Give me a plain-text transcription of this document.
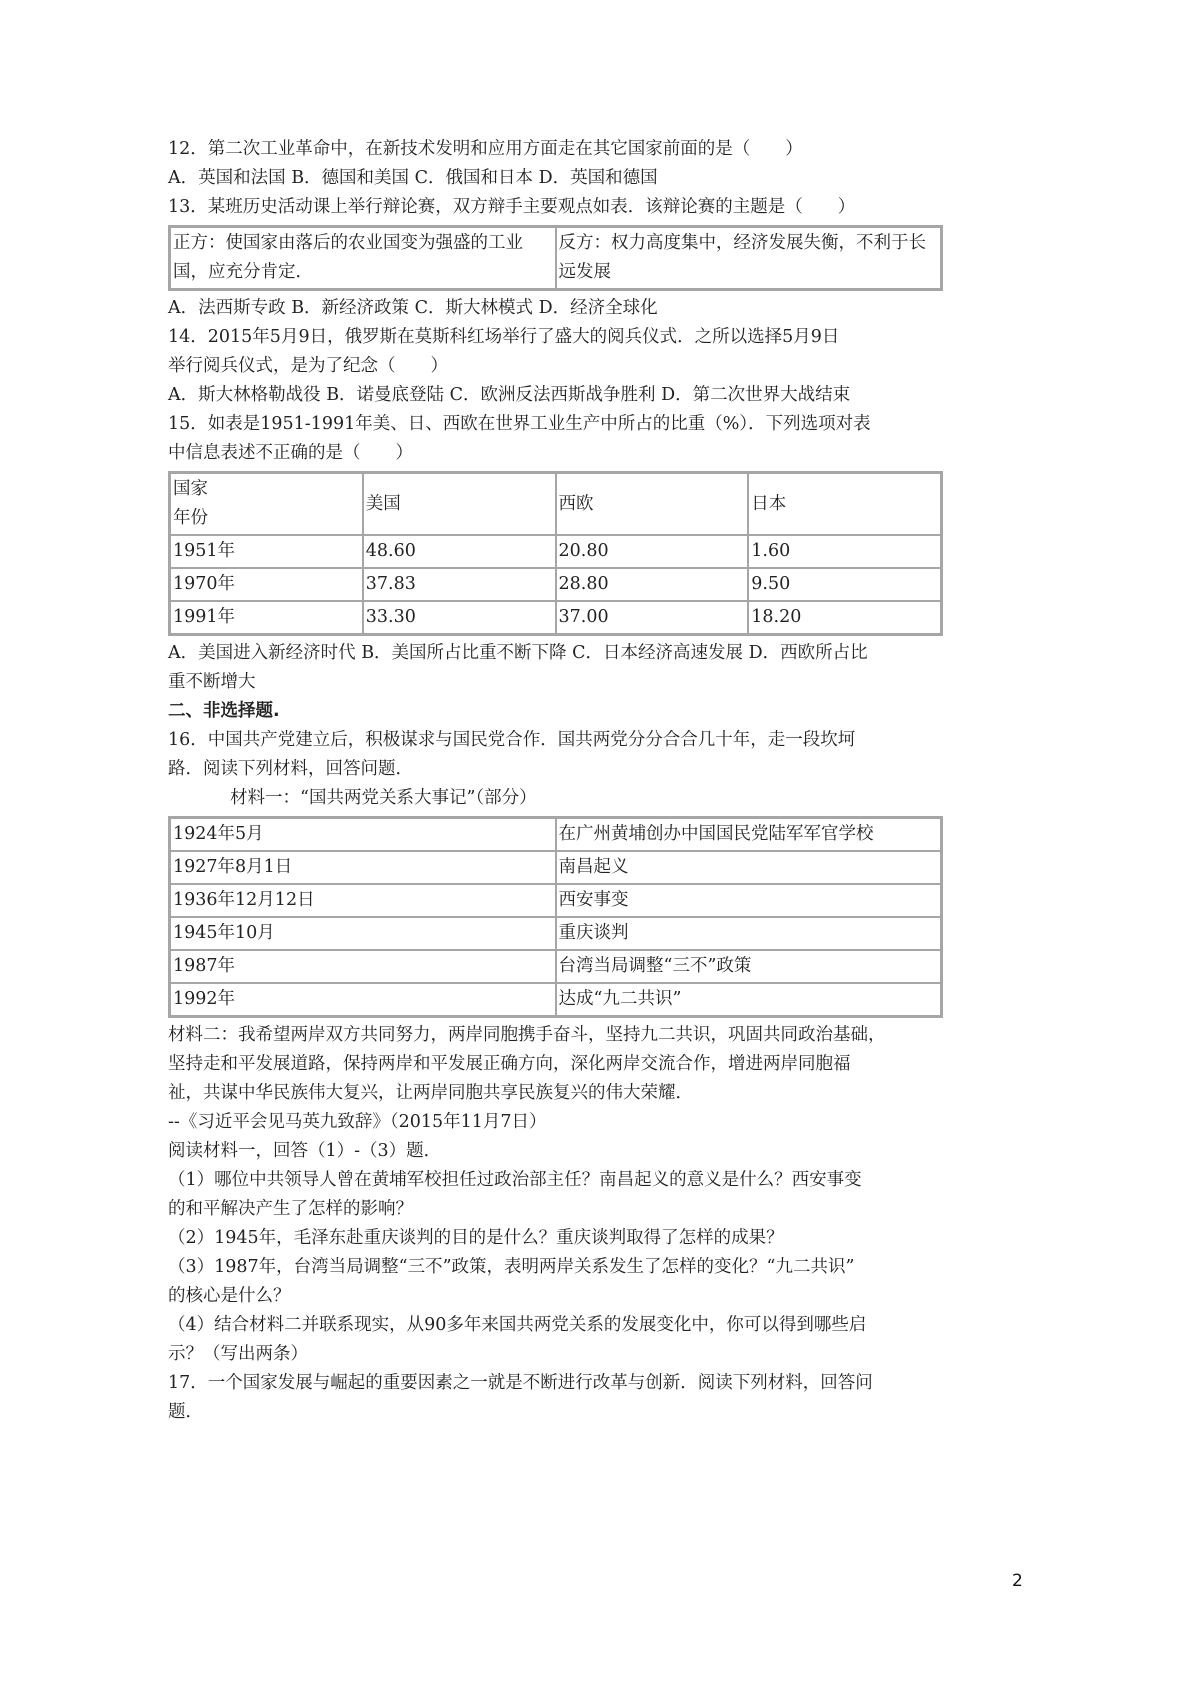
12．第二次工业革命中，在新技术发明和应用方面走在其它国家前面的是（　　）
A．英国和法国 B．德国和美国 C．俄国和日本 D．英国和德国
13．某班历史活动课上举行辩论赛，双方辩手主要观点如表．该辩论赛的主题是（　　）
正方：使国家由落后的农业国变为强盛的工业国，应充分肯定．	反方：权力高度集中，经济发展失衡，不利于长远发展
A．法西斯专政 B．新经济政策 C．斯大林模式 D．经济全球化
14．2015年5月9日，俄罗斯在莫斯科红场举行了盛大的阅兵仪式．之所以选择5月9日
举行阅兵仪式，是为了纪念（　　）
A．斯大林格勒战役 B．诺曼底登陆 C．欧洲反法西斯战争胜利 D．第二次世界大战结束
15．如表是1951-1991年美、日、西欧在世界工业生产中所占的比重（%）．下列选项对表
中信息表述不正确的是（　　）
国家
年份	美国	西欧	日本
1951年	48.60	20.80	1.60
1970年	37.83	28.80	9.50
1991年	33.30	37.00	18.20
A．美国进入新经济时代 B．美国所占比重不断下降 C．日本经济高速发展 D．西欧所占比
重不断增大
二、非选择题.
16．中国共产党建立后，积极谋求与国民党合作．国共两党分分合合几十年，走一段坎坷
路．阅读下列材料，回答问题．
材料一：“国共两党关系大事记”（部分）
1924年5月	在广州黄埔创办中国国民党陆军军官学校
1927年8月1日	南昌起义
1936年12月12日	西安事变
1945年10月	重庆谈判
1987年	台湾当局调整“三不”政策
1992年	达成“九二共识”
材料二：我希望两岸双方共同努力，两岸同胞携手奋斗，坚持九二共识，巩固共同政治基础，
坚持走和平发展道路，保持两岸和平发展正确方向，深化两岸交流合作，增进两岸同胞福
祉，共谋中华民族伟大复兴，让两岸同胞共享民族复兴的伟大荣耀．
--《习近平会见马英九致辞》（2015年11月7日）
阅读材料一，回答（1）-（3）题．
（1）哪位中共领导人曾在黄埔军校担任过政治部主任？南昌起义的意义是什么？西安事变
的和平解决产生了怎样的影响？
（2）1945年，毛泽东赴重庆谈判的目的是什么？重庆谈判取得了怎样的成果？
（3）1987年，台湾当局调整“三不”政策，表明两岸关系发生了怎样的变化？“九二共识”
的核心是什么？
（4）结合材料二并联系现实，从90多年来国共两党关系的发展变化中，你可以得到哪些启
示？（写出两条）
17．一个国家发展与崛起的重要因素之一就是不断进行改革与创新．阅读下列材料，回答问
题．
2
